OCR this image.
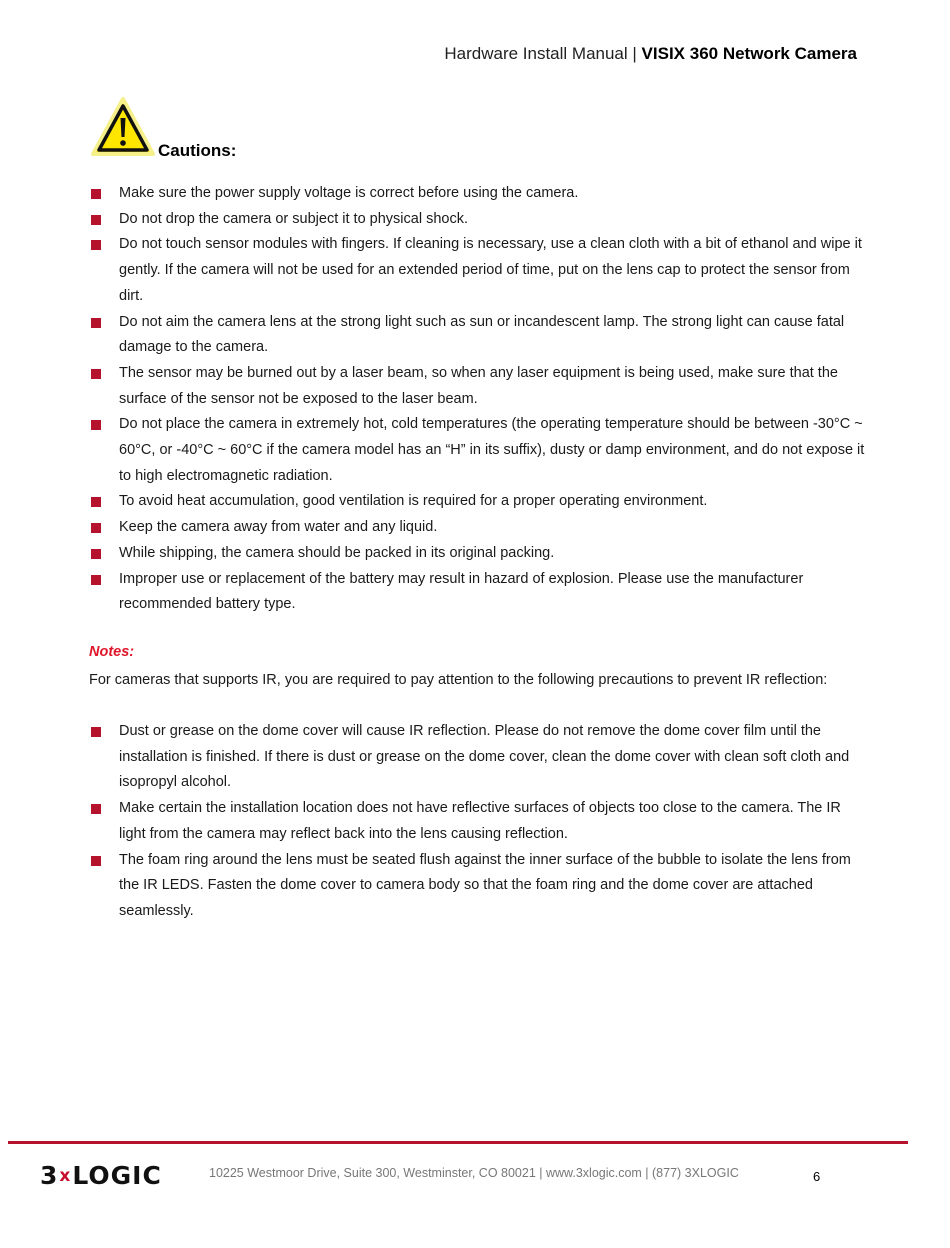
Hardware Install Manual | VISIX 360 Network Camera
Cautions:
Make sure the power supply voltage is correct before using the camera.
Do not drop the camera or subject it to physical shock.
Do not touch sensor modules with fingers. If cleaning is necessary, use a clean cloth with a bit of ethanol and wipe it gently. If the camera will not be used for an extended period of time, put on the lens cap to protect the sensor from dirt.
Do not aim the camera lens at the strong light such as sun or incandescent lamp. The strong light can cause fatal damage to the camera.
The sensor may be burned out by a laser beam, so when any laser equipment is being used, make sure that the surface of the sensor not be exposed to the laser beam.
Do not place the camera in extremely hot, cold temperatures (the operating temperature should be between -30°C ~ 60°C, or -40°C ~ 60°C if the camera model has an “H” in its suffix), dusty or damp environment, and do not expose it to high electromagnetic radiation.
To avoid heat accumulation, good ventilation is required for a proper operating environment.
Keep the camera away from water and any liquid.
While shipping, the camera should be packed in its original packing.
Improper use or replacement of the battery may result in hazard of explosion. Please use the manufacturer recommended battery type.
Notes:
For cameras that supports IR, you are required to pay attention to the following precautions to prevent IR reflection:
Dust or grease on the dome cover will cause IR reflection. Please do not remove the dome cover film until the installation is finished. If there is dust or grease on the dome cover, clean the dome cover with clean soft cloth and isopropyl alcohol.
Make certain the installation location does not have reflective surfaces of objects too close to the camera. The IR light from the camera may reflect back into the lens causing reflection.
The foam ring around the lens must be seated flush against the inner surface of the bubble to isolate the lens from the IR LEDS. Fasten the dome cover to camera body so that the foam ring and the dome cover are attached seamlessly.
3xLOGIC	10225 Westmoor Drive, Suite 300, Westminster, CO 80021 | www.3xlogic.com | (877) 3XLOGIC	6
